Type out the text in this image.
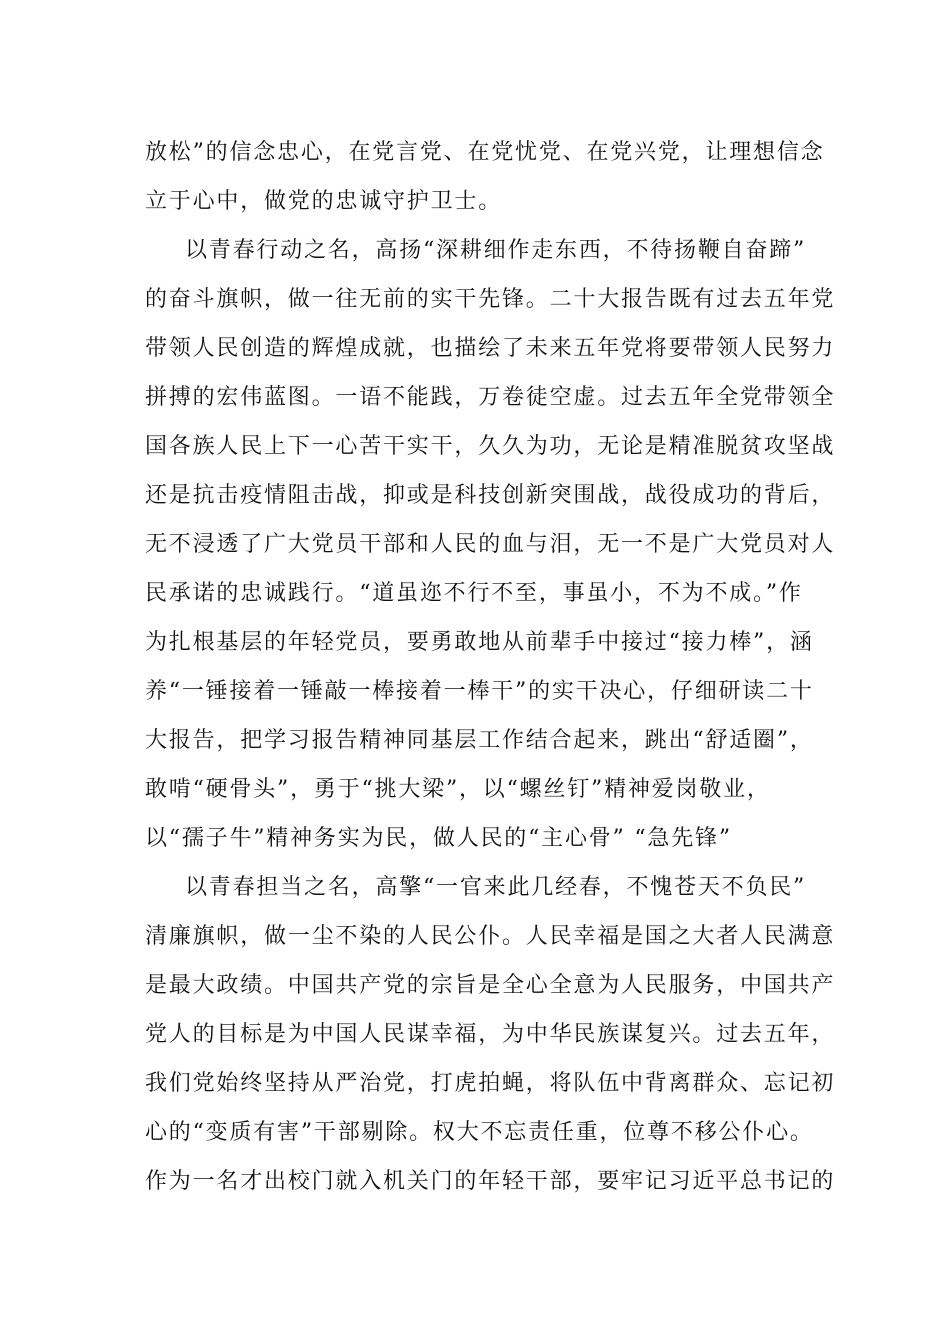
放松”的信念忠心，在党言党、在党忧党、在党兴党，让理想信念
立于心中，做党的忠诚守护卫士。
以青春行动之名，高扬“深耕细作走东西，不待扬鞭自奋蹄”
的奋斗旗帜，做一往无前的实干先锋。二十大报告既有过去五年党
带领人民创造的辉煌成就，也描绘了未来五年党将要带领人民努力
拼搏的宏伟蓝图。一语不能践，万卷徒空虚。过去五年全党带领全
国各族人民上下一心苦干实干，久久为功，无论是精准脱贫攻坚战
还是抗击疫情阻击战，抑或是科技创新突围战，战役成功的背后，
无不浸透了广大党员干部和人民的血与泪，无一不是广大党员对人
民承诺的忠诚践行。“道虽迩不行不至，事虽小，不为不成。”作
为扎根基层的年轻党员，要勇敢地从前辈手中接过“接力棒”，涵
养“一锤接着一锤敲一棒接着一棒干”的实干决心，仔细研读二十
大报告，把学习报告精神同基层工作结合起来，跳出“舒适圈”，
敢啃“硬骨头”，勇于“挑大梁”，以“螺丝钉”精神爱岗敬业，
以“孺子牛”精神务实为民，做人民的“主心骨” “急先锋”
以青春担当之名，高擎“一官来此几经春，不愧苍天不负民”
清廉旗帜，做一尘不染的人民公仆。人民幸福是国之大者人民满意
是最大政绩。中国共产党的宗旨是全心全意为人民服务，中国共产
党人的目标是为中国人民谋幸福，为中华民族谋复兴。过去五年，
我们党始终坚持从严治党，打虎拍蝇，将队伍中背离群众、忘记初
心的“变质有害”干部剔除。权大不忘责任重，位尊不移公仆心。
作为一名才出校门就入机关门的年轻干部，要牢记习近平总书记的
